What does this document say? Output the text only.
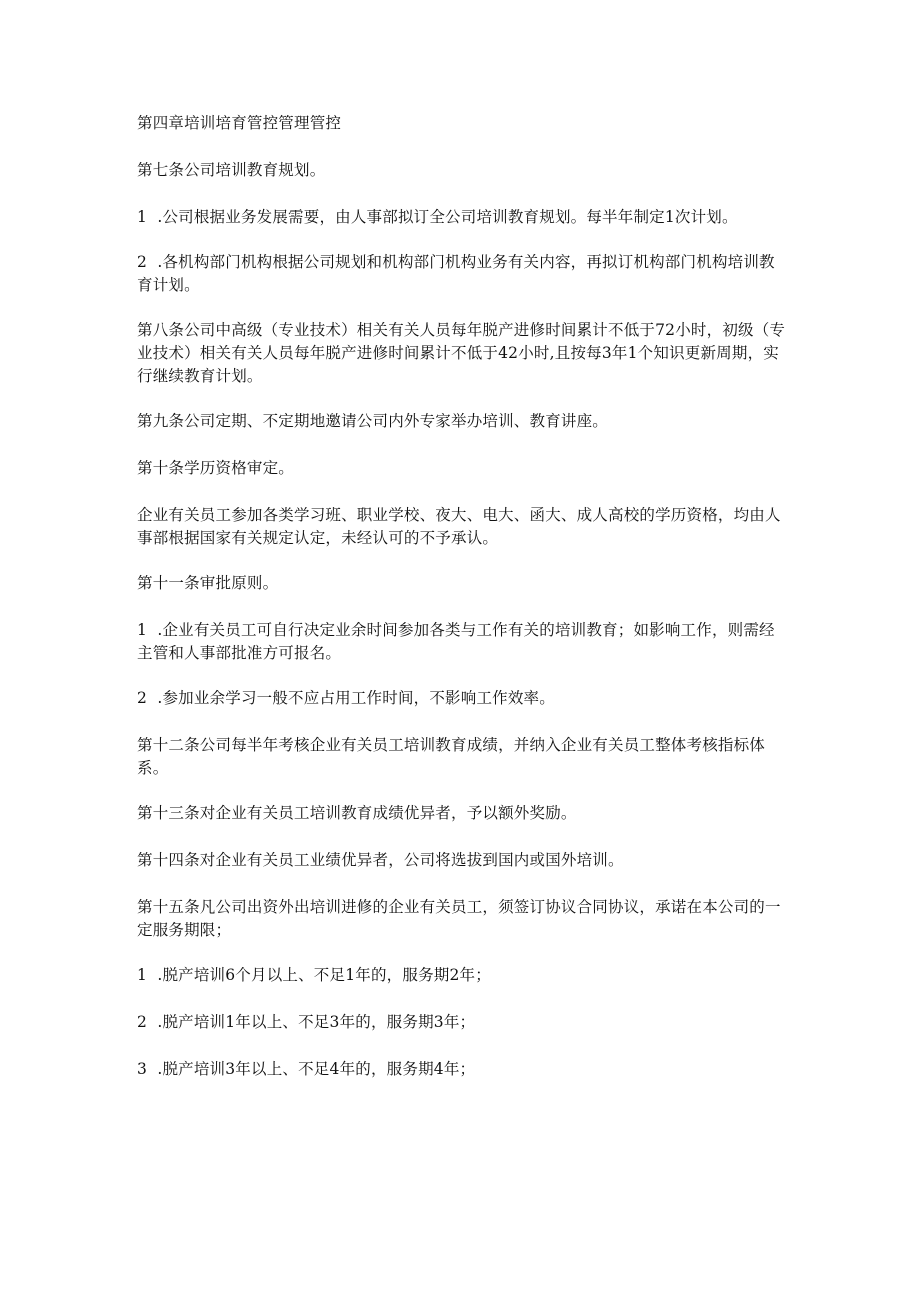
第四章培训培育管控管理管控

第七条公司培训教育规划。

1  .公司根据业务发展需要，由人事部拟订全公司培训教育规划。每半年制定1次计划。

2  .各机构部门机构根据公司规划和机构部门机构业务有关内容，再拟订机构部门机构培训教育计划。

第八条公司中高级（专业技术）相关有关人员每年脱产进修时间累计不低于72小时，初级（专业技术）相关有关人员每年脱产进修时间累计不低于42小时,且按每3年1个知识更新周期，实行继续教育计划。

第九条公司定期、不定期地邀请公司内外专家举办培训、教育讲座。

第十条学历资格审定。

企业有关员工参加各类学习班、职业学校、夜大、电大、函大、成人高校的学历资格，均由人事部根据国家有关规定认定，未经认可的不予承认。

第十一条审批原则。

1  .企业有关员工可自行决定业余时间参加各类与工作有关的培训教育；如影响工作，则需经主管和人事部批准方可报名。

2  .参加业余学习一般不应占用工作时间，不影响工作效率。

第十二条公司每半年考核企业有关员工培训教育成绩，并纳入企业有关员工整体考核指标体系。

第十三条对企业有关员工培训教育成绩优异者，予以额外奖励。

第十四条对企业有关员工业绩优异者，公司将选拔到国内或国外培训。

第十五条凡公司出资外出培训进修的企业有关员工，须签订协议合同协议，承诺在本公司的一定服务期限；

1  .脱产培训6个月以上、不足1年的，服务期2年；

2  .脱产培训1年以上、不足3年的，服务期3年；

3  .脱产培训3年以上、不足4年的，服务期4年；
